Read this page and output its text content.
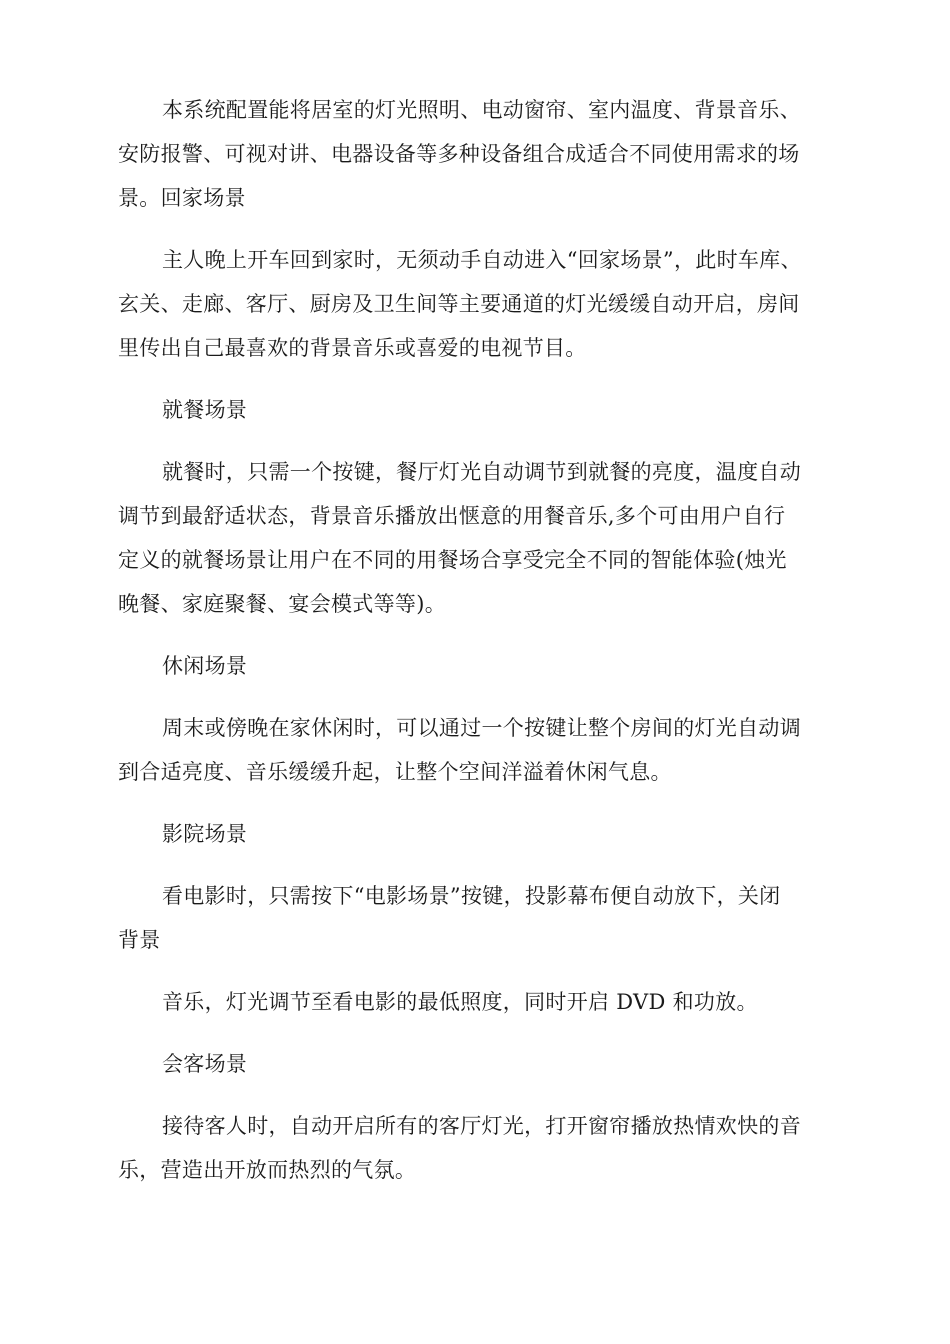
本系统配置能将居室的灯光照明、电动窗帘、室内温度、背景音乐、
安防报警、可视对讲、电器设备等多种设备组合成适合不同使用需求的场
景。回家场景
主人晚上开车回到家时，无须动手自动进入“回家场景”，此时车库、
玄关、走廊、客厅、厨房及卫生间等主要通道的灯光缓缓自动开启，房间
里传出自己最喜欢的背景音乐或喜爱的电视节目。
就餐场景
就餐时，只需一个按键，餐厅灯光自动调节到就餐的亮度，温度自动
调节到最舒适状态，背景音乐播放出惬意的用餐音乐,多个可由用户自行
定义的就餐场景让用户在不同的用餐场合享受完全不同的智能体验(烛光
晚餐、家庭聚餐、宴会模式等等)。
休闲场景
周末或傍晚在家休闲时，可以通过一个按键让整个房间的灯光自动调
到合适亮度、音乐缓缓升起，让整个空间洋溢着休闲气息。
影院场景
看电影时，只需按下“电影场景”按键，投影幕布便自动放下，关闭
背景
音乐，灯光调节至看电影的最低照度，同时开启 DVD 和功放。
会客场景
接待客人时，自动开启所有的客厅灯光，打开窗帘播放热情欢快的音
乐，营造出开放而热烈的气氛。
